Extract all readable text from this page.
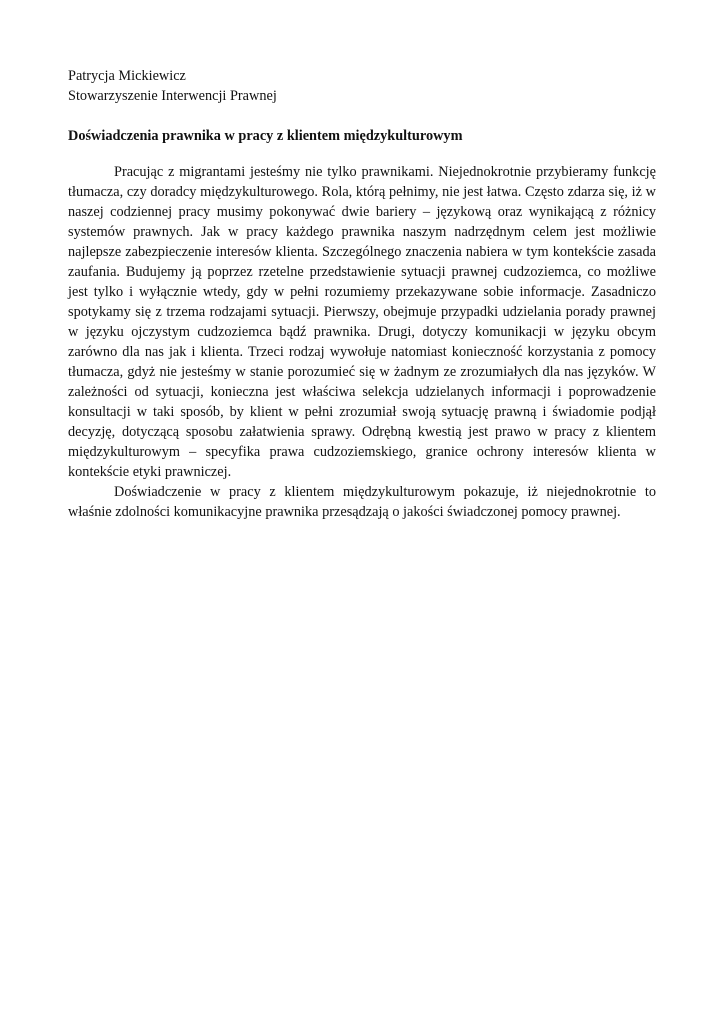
Patrycja Mickiewicz
Stowarzyszenie Interwencji Prawnej
Doświadczenia prawnika w pracy z klientem międzykulturowym

Pracując z migrantami jesteśmy nie tylko prawnikami. Niejednokrotnie przybieramy funkcję tłumacza, czy doradcy międzykulturowego. Rola, którą pełnimy, nie jest łatwa. Często zdarza się, iż w naszej codziennej pracy musimy pokonywać dwie bariery – językową oraz wynikającą z różnicy systemów prawnych. Jak w pracy każdego prawnika naszym nadrzędnym celem jest możliwie najlepsze zabezpieczenie interesów klienta. Szczególnego znaczenia nabiera w tym kontekście zasada zaufania. Budujemy ją poprzez rzetelne przedstawienie sytuacji prawnej cudzoziemca, co możliwe jest tylko i wyłącznie wtedy, gdy w pełni rozumiemy przekazywane sobie informacje. Zasadniczo spotykamy się z trzema rodzajami sytuacji. Pierwszy, obejmuje przypadki udzielania porady prawnej w języku ojczystym cudzoziemca bądź prawnika. Drugi, dotyczy komunikacji w języku obcym zarówno dla nas jak i klienta. Trzeci rodzaj wywołuje natomiast konieczność korzystania z pomocy tłumacza, gdyż nie jesteśmy w stanie porozumieć się w żadnym ze zrozumiałych dla nas języków. W zależności od sytuacji, konieczna jest właściwa selekcja udzielanych informacji i poprowadzenie konsultacji w taki sposób, by klient w pełni zrozumiał swoją sytuację prawną i świadomie podjął decyzję, dotyczącą sposobu załatwienia sprawy. Odrębną kwestią jest prawo w pracy z klientem międzykulturowym – specyfika prawa cudzoziemskiego, granice ochrony interesów klienta w kontekście etyki prawniczej.

Doświadczenie w pracy z klientem międzykulturowym pokazuje, iż niejednokrotnie to właśnie zdolności komunikacyjne prawnika przesądzają o jakości świadczonej pomocy prawnej.
